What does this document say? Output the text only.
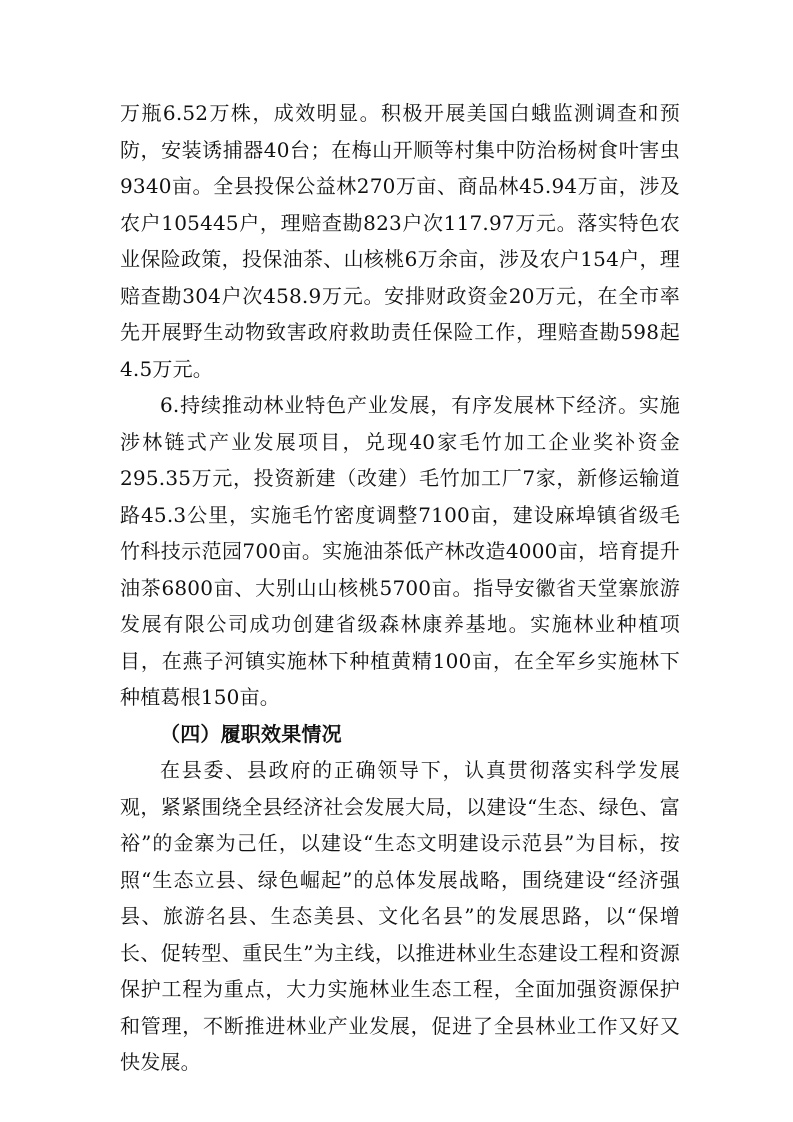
万瓶6.52万株，成效明显。积极开展美国白蛾监测调查和预防，安装诱捕器40台；在梅山开顺等村集中防治杨树食叶害虫9340亩。全县投保公益林270万亩、商品林45.94万亩，涉及农户105445户，理赔查勘823户次117.97万元。落实特色农业保险政策，投保油茶、山核桃6万余亩，涉及农户154户，理赔查勘304户次458.9万元。安排财政资金20万元，在全市率先开展野生动物致害政府救助责任保险工作，理赔查勘598起4.5万元。

6.持续推动林业特色产业发展，有序发展林下经济。实施涉林链式产业发展项目，兑现40家毛竹加工企业奖补资金295.35万元，投资新建（改建）毛竹加工厂7家，新修运输道路45.3公里，实施毛竹密度调整7100亩，建设麻埠镇省级毛竹科技示范园700亩。实施油茶低产林改造4000亩，培育提升油茶6800亩、大别山山核桃5700亩。指导安徽省天堂寨旅游发展有限公司成功创建省级森林康养基地。实施林业种植项目，在燕子河镇实施林下种植黄精100亩，在全军乡实施林下种植葛根150亩。

（四）履职效果情况

在县委、县政府的正确领导下，认真贯彻落实科学发展观，紧紧围绕全县经济社会发展大局，以建设“生态、绿色、富裕”的金寨为己任，以建设“生态文明建设示范县”为目标，按照“生态立县、绿色崛起”的总体发展战略，围绕建设“经济强县、旅游名县、生态美县、文化名县”的发展思路，以“保增长、促转型、重民生”为主线，以推进林业生态建设工程和资源保护工程为重点，大力实施林业生态工程，全面加强资源保护和管理，不断推进林业产业发展，促进了全县林业工作又好又快发展。
